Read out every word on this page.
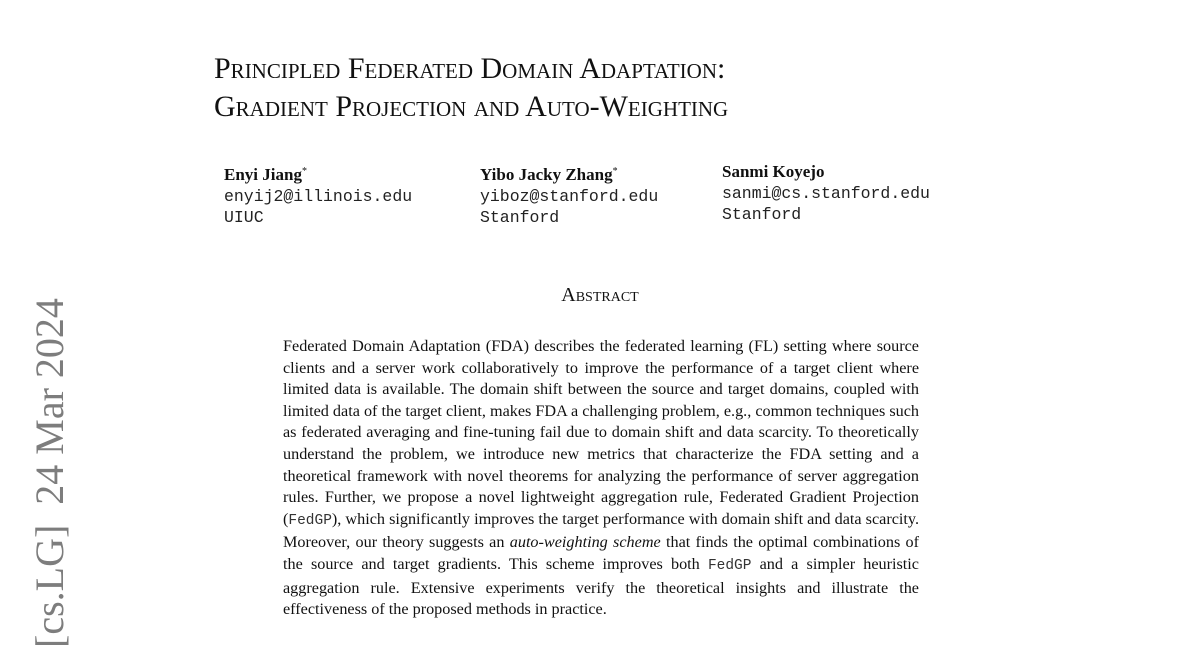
[cs.LG]24 Mar 2024
Principled Federated Domain Adaptation:
Gradient Projection and Auto-Weighting
Enyi Jiang*
enyij2@illinois.edu
UIUC
Yibo Jacky Zhang*
yiboz@stanford.edu
Stanford
Sanmi Koyejo
sanmi@cs.stanford.edu
Stanford
Abstract

Federated Domain Adaptation (FDA) describes the federated learning (FL) setting where source clients and a server work collaboratively to improve the performance of a target client where limited data is available. The domain shift between the source and target domains, coupled with limited data of the target client, makes FDA a challenging problem, e.g., common techniques such as federated averaging and fine-tuning fail due to domain shift and data scarcity. To theoretically understand the problem, we introduce new metrics that characterize the FDA setting and a theoretical framework with novel theorems for analyzing the performance of server aggregation rules. Further, we propose a novel lightweight aggregation rule, Federated Gradient Projection (FedGP), which significantly improves the target performance with domain shift and data scarcity. Moreover, our theory suggests an auto-weighting scheme that finds the optimal combinations of the source and target gradients. This scheme improves both FedGP and a simpler heuristic aggregation rule. Extensive experiments verify the theoretical insights and illustrate the effectiveness of the proposed methods in practice.
